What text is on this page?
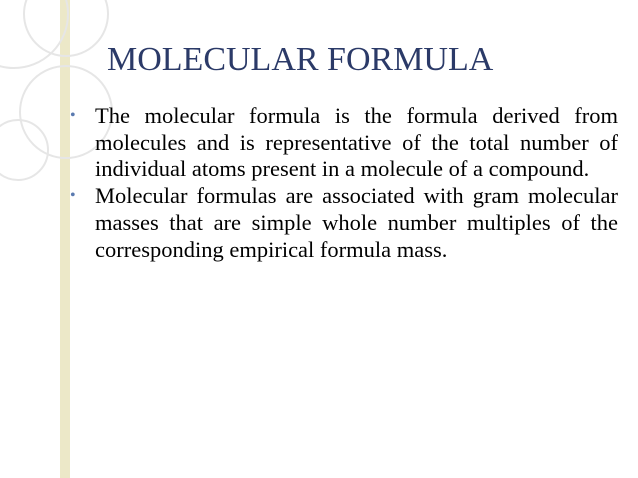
MOLECULAR FORMULA
• The molecular formula is the formula derived from molecules and is representative of the total number of individual atoms present in a molecule of a compound.
• Molecular formulas are associated with gram molecular masses that are simple whole number multiples of the corresponding empirical formula mass.
